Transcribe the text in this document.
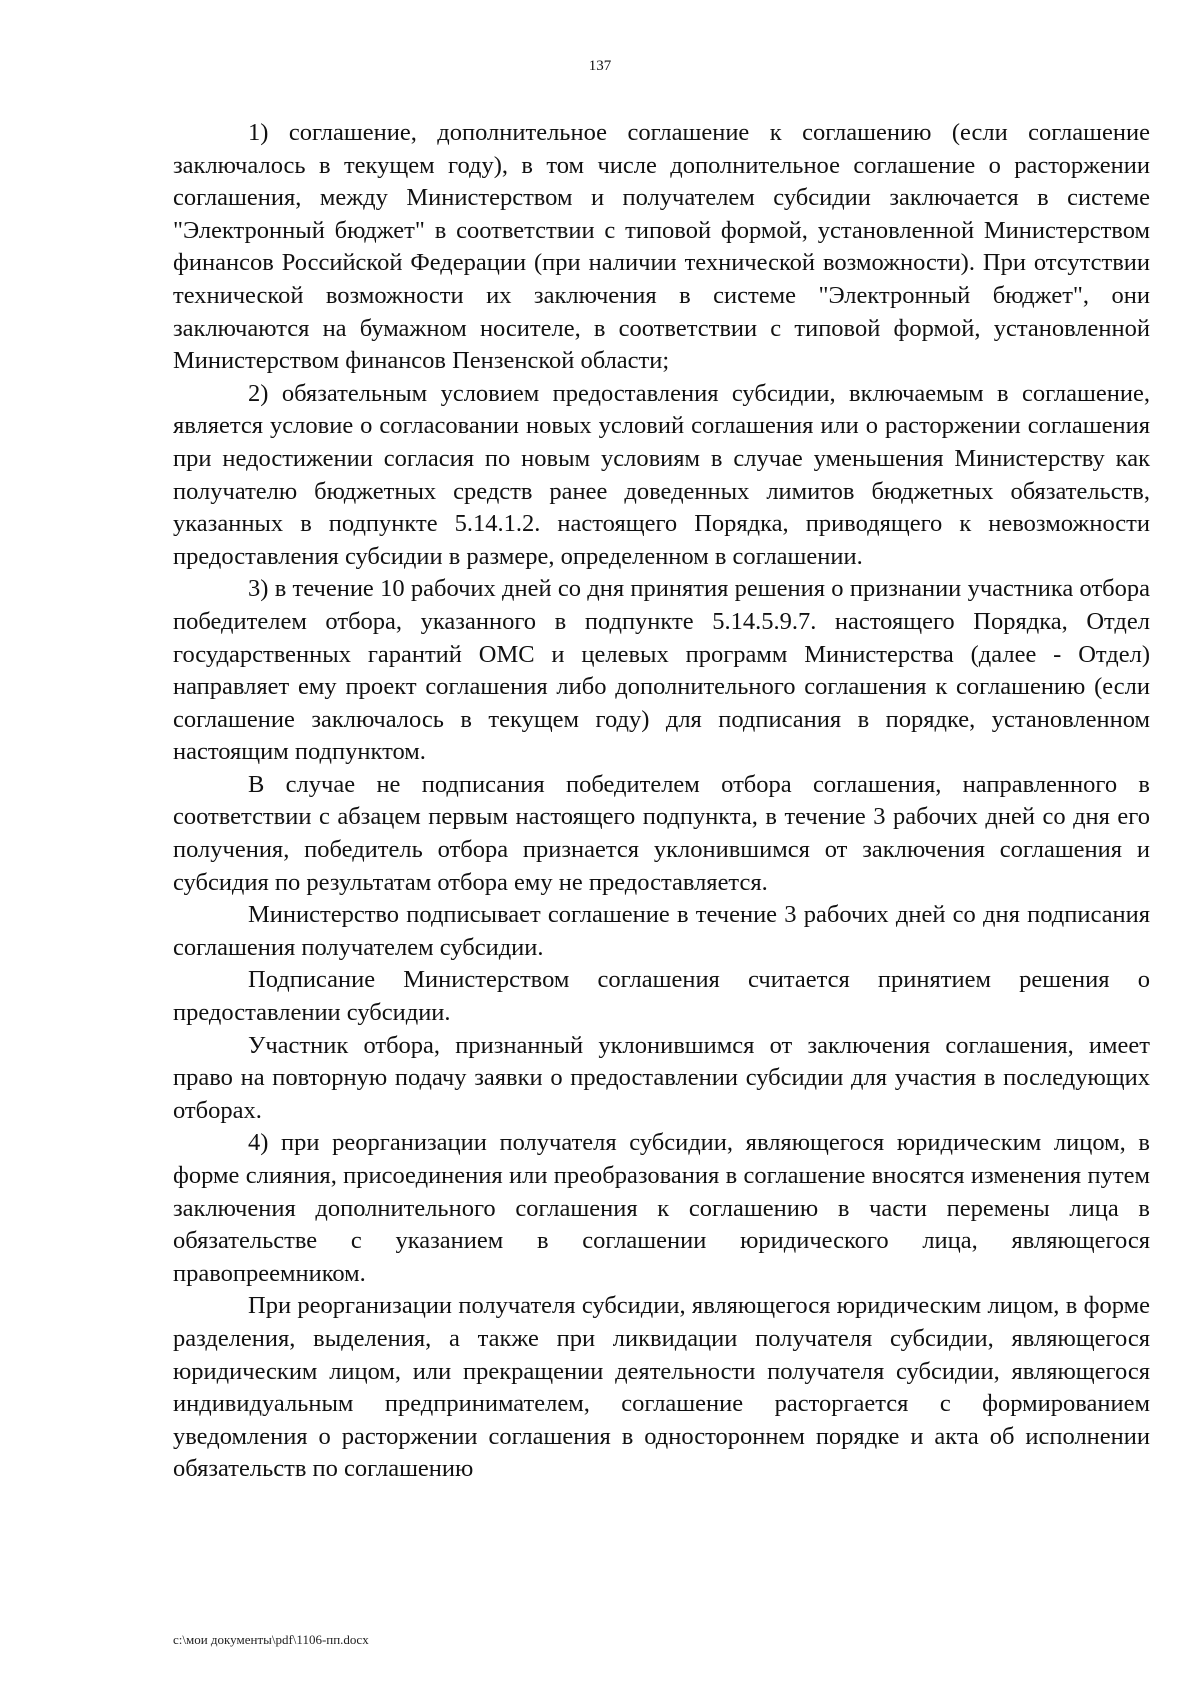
137

1) соглашение, дополнительное соглашение к соглашению (если соглашение заключалось в текущем году), в том числе дополнительное соглашение о расторжении соглашения, между Министерством и получателем субсидии заключается в системе "Электронный бюджет" в соответствии с типовой формой, установленной Министерством финансов Российской Федерации (при наличии технической возможности). При отсутствии технической возможности их заключения в системе "Электронный бюджет", они заключаются на бумажном носителе, в соответствии с типовой формой, установленной Министерством финансов Пензенской области;

2) обязательным условием предоставления субсидии, включаемым в соглашение, является условие о согласовании новых условий соглашения или о расторжении соглашения при недостижении согласия по новым условиям в случае уменьшения Министерству как получателю бюджетных средств ранее доведенных лимитов бюджетных обязательств, указанных в подпункте 5.14.1.2. настоящего Порядка, приводящего к невозможности предоставления субсидии в размере, определенном в соглашении.

3) в течение 10 рабочих дней со дня принятия решения о признании участника отбора победителем отбора, указанного в подпункте 5.14.5.9.7. настоящего Порядка, Отдел государственных гарантий ОМС и целевых программ Министерства (далее - Отдел) направляет ему проект соглашения либо дополнительного соглашения к соглашению (если соглашение заключалось в текущем году) для подписания в порядке, установленном настоящим подпунктом.

В случае не подписания победителем отбора соглашения, направленного в соответствии с абзацем первым настоящего подпункта, в течение 3 рабочих дней со дня его получения, победитель отбора признается уклонившимся от заключения соглашения и субсидия по результатам отбора ему не предоставляется.

Министерство подписывает соглашение в течение 3 рабочих дней со дня подписания соглашения получателем субсидии.

Подписание Министерством соглашения считается принятием решения о предоставлении субсидии.

Участник отбора, признанный уклонившимся от заключения соглашения, имеет право на повторную подачу заявки о предоставлении субсидии для участия в последующих отборах.

4) при реорганизации получателя субсидии, являющегося юридическим лицом, в форме слияния, присоединения или преобразования в соглашение вносятся изменения путем заключения дополнительного соглашения к соглашению в части перемены лица в обязательстве с указанием в соглашении юридического лица, являющегося правопреемником.

При реорганизации получателя субсидии, являющегося юридическим лицом, в форме разделения, выделения, а также при ликвидации получателя субсидии, являющегося юридическим лицом, или прекращении деятельности получателя субсидии, являющегося индивидуальным предпринимателем, соглашение расторгается с формированием уведомления о расторжении соглашения в одностороннем порядке и акта об исполнении обязательств по соглашению

c:\мои документы\pdf\1106-пп.docx
